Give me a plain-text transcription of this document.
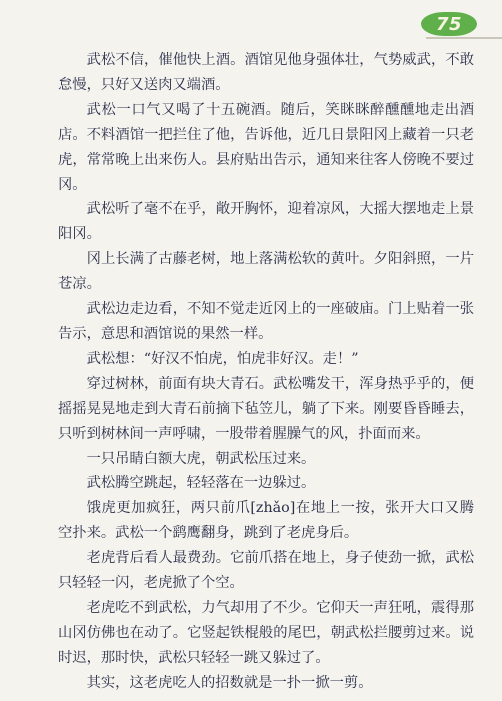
75

武松不信，催他快上酒。酒馆见他身强体壮，气势威武，不敢怠慢，只好又送肉又端酒。

武松一口气又喝了十五碗酒。随后，笑眯眯醉醺醺地走出酒店。不料酒馆一把拦住了他，告诉他，近几日景阳冈上藏着一只老虎，常常晚上出来伤人。县府贴出告示，通知来往客人傍晚不要过冈。

武松听了毫不在乎，敞开胸怀，迎着凉风，大摇大摆地走上景阳冈。

冈上长满了古藤老树，地上落满松软的黄叶。夕阳斜照，一片苍凉。

武松边走边看，不知不觉走近冈上的一座破庙。门上贴着一张告示，意思和酒馆说的果然一样。

武松想：“好汉不怕虎，怕虎非好汉。走！”

穿过树林，前面有块大青石。武松嘴发干，浑身热乎乎的，便摇摇晃晃地走到大青石前摘下毡笠儿，躺了下来。刚要昏昏睡去，只听到树林间一声呼啸，一股带着腥臊气的风，扑面而来。

一只吊睛白额大虎，朝武松压过来。

武松腾空跳起，轻轻落在一边躲过。

饿虎更加疯狂，两只前爪[zhǎo]在地上一按，张开大口又腾空扑来。武松一个鹞鹰翻身，跳到了老虎身后。

老虎背后看人最费劲。它前爪搭在地上，身子使劲一掀，武松只轻轻一闪，老虎掀了个空。

老虎吃不到武松，力气却用了不少。它仰天一声狂吼，震得那山冈仿佛也在动了。它竖起铁棍般的尾巴，朝武松拦腰剪过来。说时迟，那时快，武松只轻轻一跳又躲过了。

其实，这老虎吃人的招数就是一扑一掀一剪。
